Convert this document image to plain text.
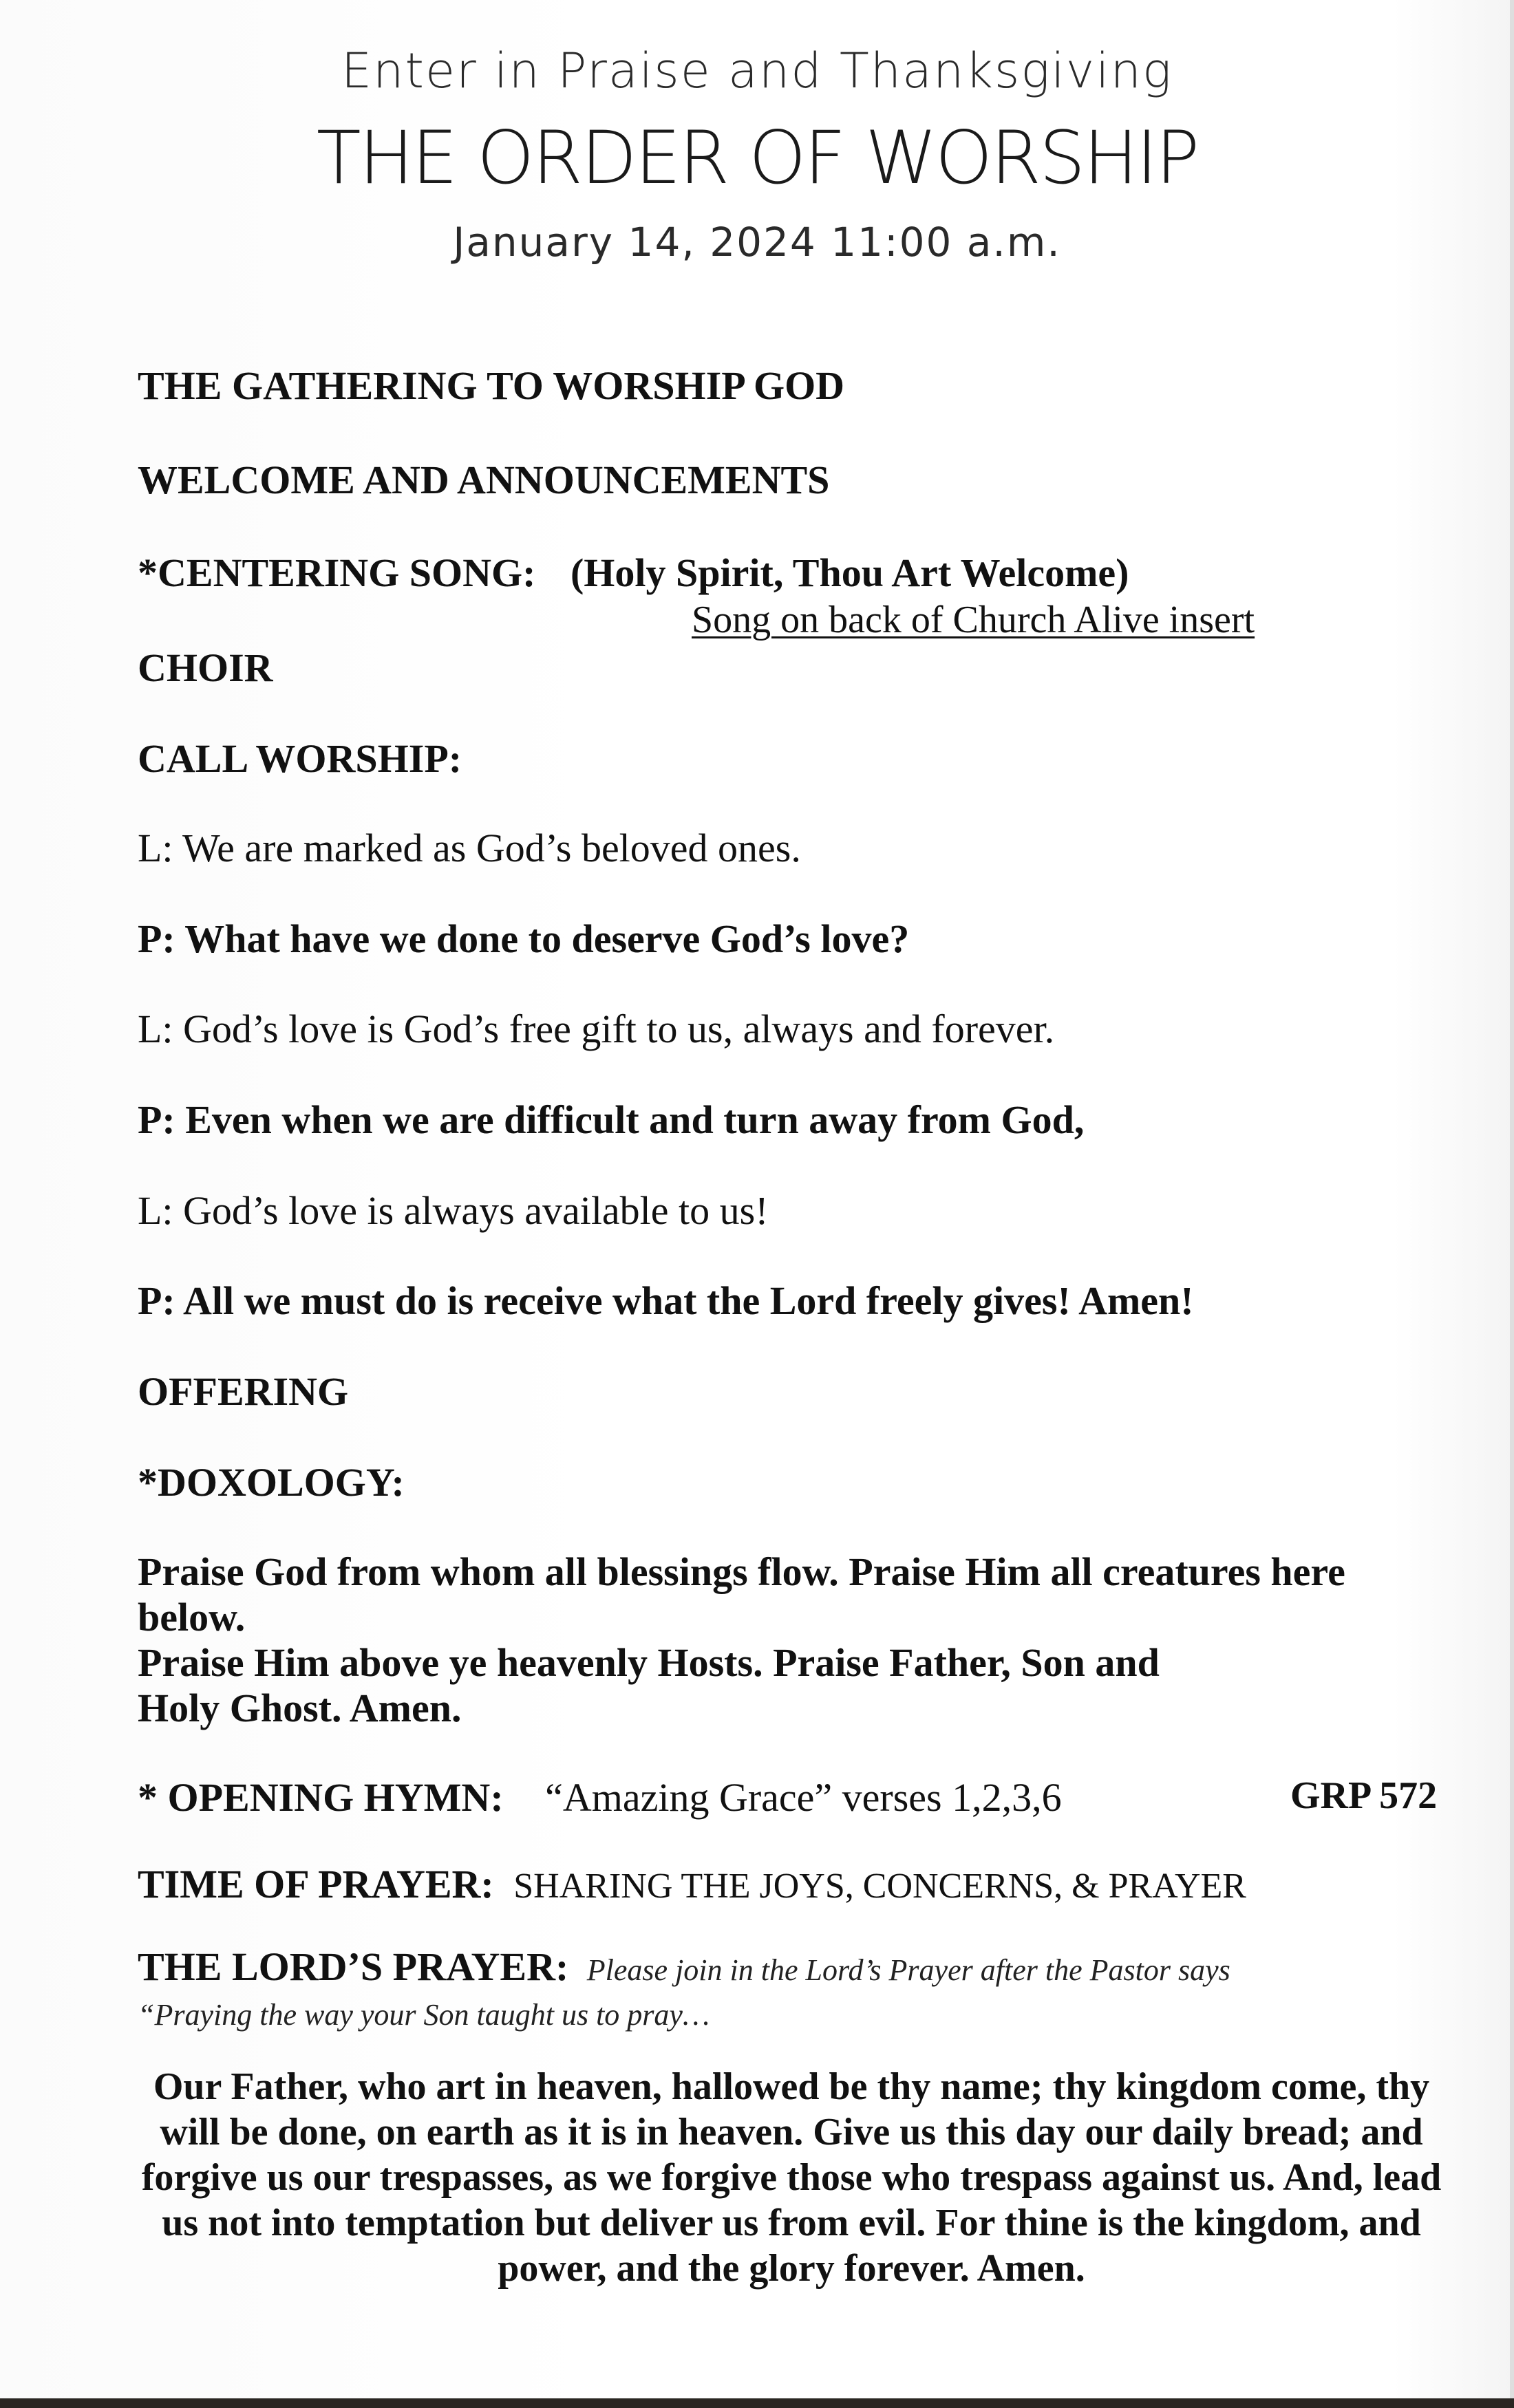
Enter in Praise and Thanksgiving
THE ORDER OF WORSHIP
January 14, 2024 11:00 a.m.
THE GATHERING TO WORSHIP GOD
WELCOME AND ANNOUNCEMENTS
*CENTERING SONG: (Holy Spirit, Thou Art Welcome)
Song on back of Church Alive insert
CHOIR
CALL WORSHIP:
L: We are marked as God’s beloved ones.
P: What have we done to deserve God’s love?
L: God’s love is God’s free gift to us, always and forever.
P: Even when we are difficult and turn away from God,
L: God’s love is always available to us!
P: All we must do is receive what the Lord freely gives! Amen!
OFFERING
*DOXOLOGY:
Praise God from whom all blessings flow. Praise Him all creatures here
below.
Praise Him above ye heavenly Hosts. Praise Father, Son and
Holy Ghost. Amen.
* OPENING HYMN: “Amazing Grace” verses 1,2,3,6	GRP 572
TIME OF PRAYER: SHARING THE JOYS, CONCERNS, & PRAYER
THE LORD’S PRAYER: Please join in the Lord’s Prayer after the Pastor says
“Praying the way your Son taught us to pray…
Our Father, who art in heaven, hallowed be thy name; thy kingdom come, thy will be done, on earth as it is in heaven. Give us this day our daily bread; and forgive us our trespasses, as we forgive those who trespass against us. And, lead us not into temptation but deliver us from evil. For thine is the kingdom, and power, and the glory forever. Amen.
